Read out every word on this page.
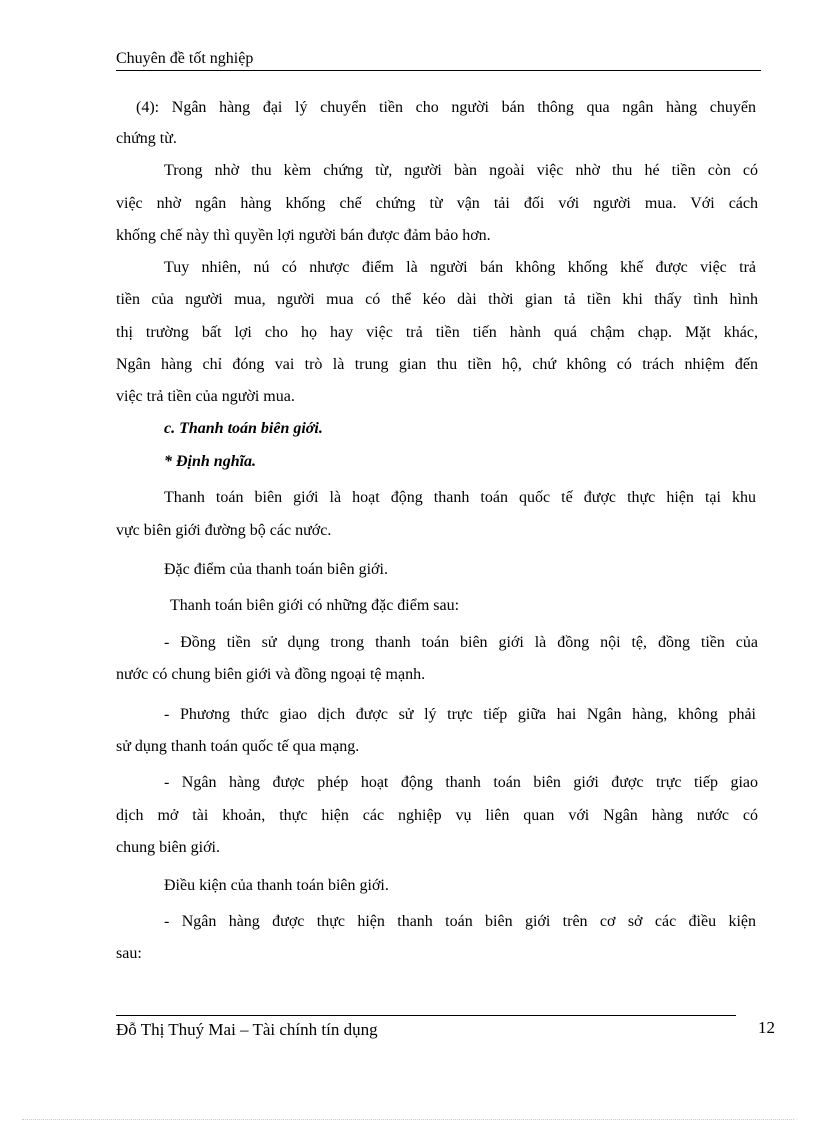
Chuyên đề tốt nghiệp
(4): Ngân hàng đại lý chuyển tiền cho người bán thông qua ngân hàng chuyển
chứng từ.
Trong nhờ thu kèm chứng từ, người bàn ngoài việc nhờ thu hé tiền còn có
việc nhờ ngân hàng khống chế chứng từ vận tải đối với người mua. Với cách
khống chế này thì quyền lợi người bán được đảm bảo hơn.
Tuy nhiên, nú có nhược điểm là người bán không khống khế được việc trả
tiền của người mua, người mua có thể kéo dài thời gian tả tiền khi thấy tình hình
thị trường bất lợi cho họ hay việc trả tiền tiến hành quá chậm chạp. Mặt khác,
Ngân hàng chỉ đóng vai trò là trung gian thu tiền hộ, chứ không có trách nhiệm đến
việc trả tiền của người mua.
c. Thanh toán biên giới.
* Định nghĩa.
Thanh toán biên giới là hoạt động thanh toán quốc tế được thực hiện tại khu
vực biên giới đường bộ các nước.
Đặc điểm của thanh toán biên giới.
Thanh toán biên giới có những đặc điểm sau:
- Đồng tiền sử dụng trong thanh toán biên giới là đồng nội tệ, đồng tiền của
nước có chung biên giới và đồng ngoại tệ mạnh.
- Phương thức giao dịch được sử lý trực tiếp giữa hai Ngân hàng, không phải
sử dụng thanh toán quốc tế qua mạng.
- Ngân hàng được phép hoạt động thanh toán biên giới được trực tiếp giao
dịch mở tài khoản, thực hiện các nghiệp vụ liên quan với Ngân hàng nước có
chung biên giới.
Điều kiện của thanh toán biên giới.
- Ngân hàng được thực hiện thanh toán biên giới trên cơ sở các điều kiện
sau:
Đỗ Thị Thuý Mai – Tài chính tín dụng	12
